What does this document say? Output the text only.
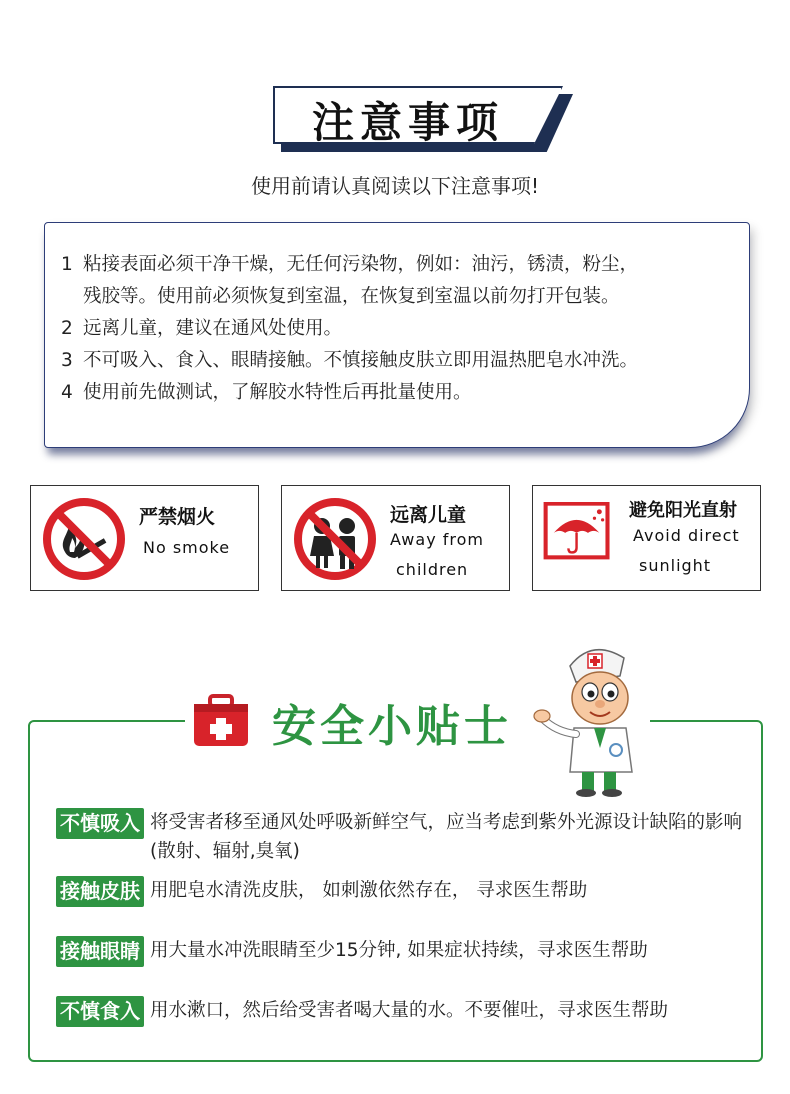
注意事项
使用前请认真阅读以下注意事项!
1 粘接表面必须干净干燥，无任何污染物，例如：油污，锈渍，粉尘，
残胶等。使用前必须恢复到室温，在恢复到室温以前勿打开包装。
2 远离儿童，建议在通风处使用。
3 不可吸入、食入、眼睛接触。不慎接触皮肤立即用温热肥皂水冲洗。
4 使用前先做测试，了解胶水特性后再批量使用。
严禁烟火
No smoke
远离儿童
Away from
children
避免阳光直射
Avoid direct
sunlight
安全小贴士
不慎吸入 将受害者移至通风处呼吸新鲜空气，应当考虑到紫外光源设计缺陷的影响(散射、辐射,臭氧)
接触皮肤 用肥皂水清洗皮肤， 如刺激依然存在， 寻求医生帮助
接触眼睛 用大量水冲洗眼睛至少15分钟, 如果症状持续，寻求医生帮助
不慎食入 用水漱口，然后给受害者喝大量的水。不要催吐，寻求医生帮助
